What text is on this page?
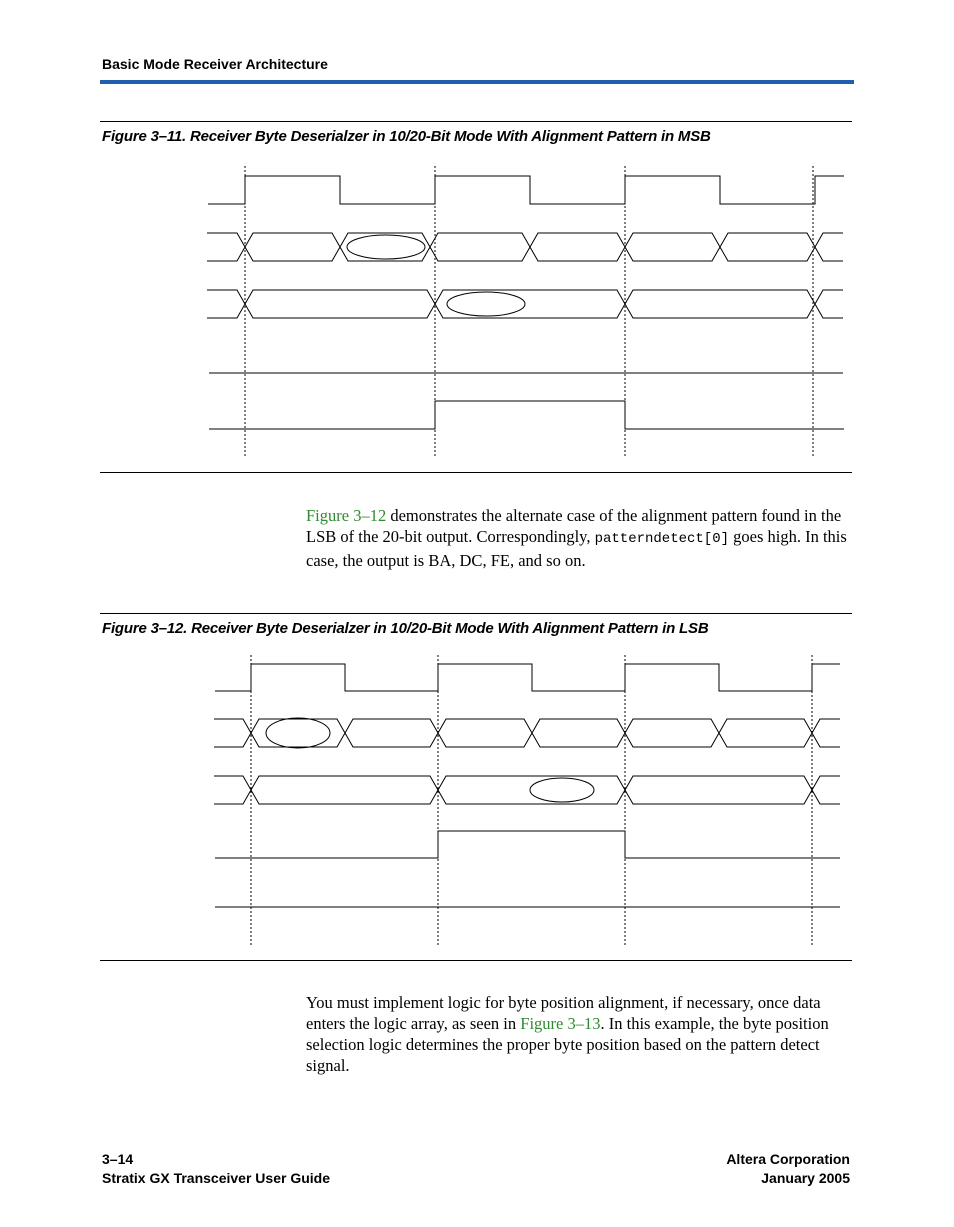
Basic Mode Receiver Architecture
Figure 3–11. Receiver Byte Deserialzer in 10/20-Bit Mode With Alignment Pattern in MSB

Figure 3–12 demonstrates the alternate case of the alignment pattern found in the LSB of the 20-bit output. Correspondingly, patterndetect[0] goes high. In this case, the output is BA, DC, FE, and so on.

Figure 3–12. Receiver Byte Deserialzer in 10/20-Bit Mode With Alignment Pattern in LSB

You must implement logic for byte position alignment, if necessary, once data enters the logic array, as seen in Figure 3–13. In this example, the byte position selection logic determines the proper byte position based on the pattern detect signal.

3–14
Stratix GX Transceiver User Guide
Altera Corporation
January 2005
